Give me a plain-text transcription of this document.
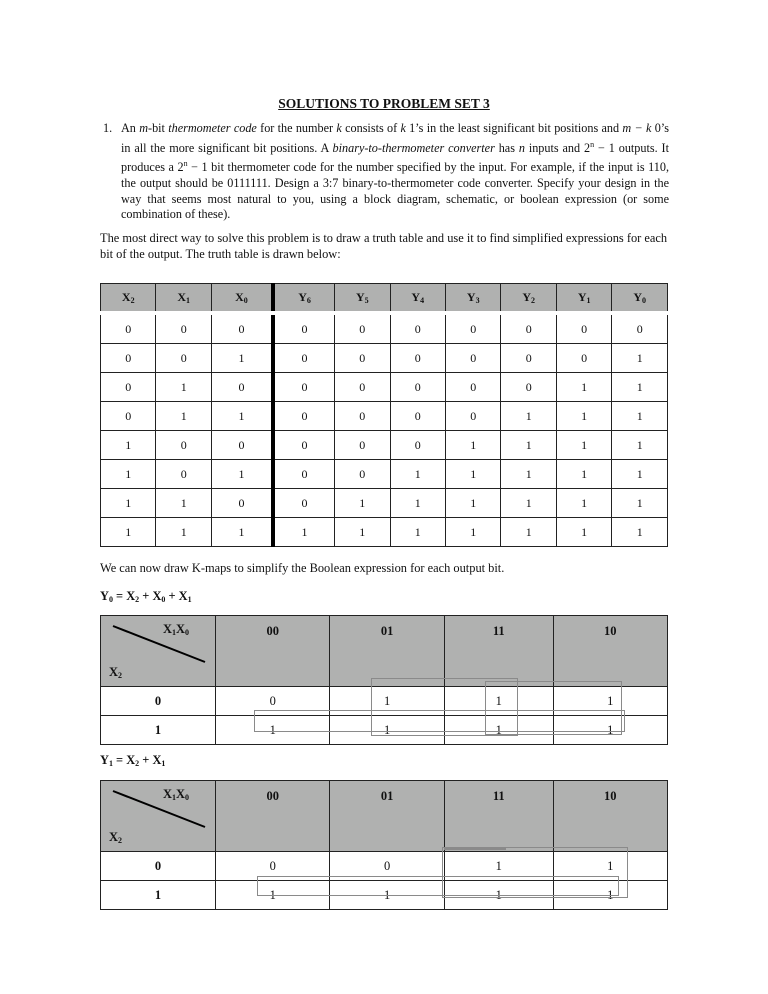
SOLUTIONS TO PROBLEM SET 3
1. An m-bit thermometer code for the number k consists of k 1’s in the least significant bit positions and m − k 0’s in all the more significant bit positions. A binary-to-thermometer converter has n inputs and $2^n - 1$ outputs. It produces a $2^n - 1$ bit thermometer code for the number specified by the input. For example, if the input is 110, the output should be 0111111. Design a 3:7 binary-to-thermometer code converter. Specify your design in the way that seems most natural to you, using a block diagram, schematic, or boolean expression (or some combination of these).
The most direct way to solve this problem is to draw a truth table and use it to find simplified expressions for each bit of the output. The truth table is drawn below:
$X_2$	$X_1$	$X_0$	$Y_6$	$Y_5$	$Y_4$	$Y_3$	$Y_2$	$Y_1$	$Y_0$
0	0	0	0	0	0	0	0	0	0
0	0	1	0	0	0	0	0	0	1
0	1	0	0	0	0	0	0	1	1
0	1	1	0	0	0	0	1	1	1
1	0	0	0	0	0	1	1	1	1
1	0	1	0	0	1	1	1	1	1
1	1	0	0	1	1	1	1	1	1
1	1	1	1	1	1	1	1	1	1
We can now draw K-maps to simplify the Boolean expression for each output bit.
$Y_0 = X_2 + X_0 + X_1$
$X_1X_0$
$X_2$	00	01	11	10
0	0	1	1	1
1	1	1	1	1
$Y_1 = X_2 + X_1$
$X_1X_0$
$X_2$	00	01	11	10
0	0	0	1	1
1	1	1	1	1
